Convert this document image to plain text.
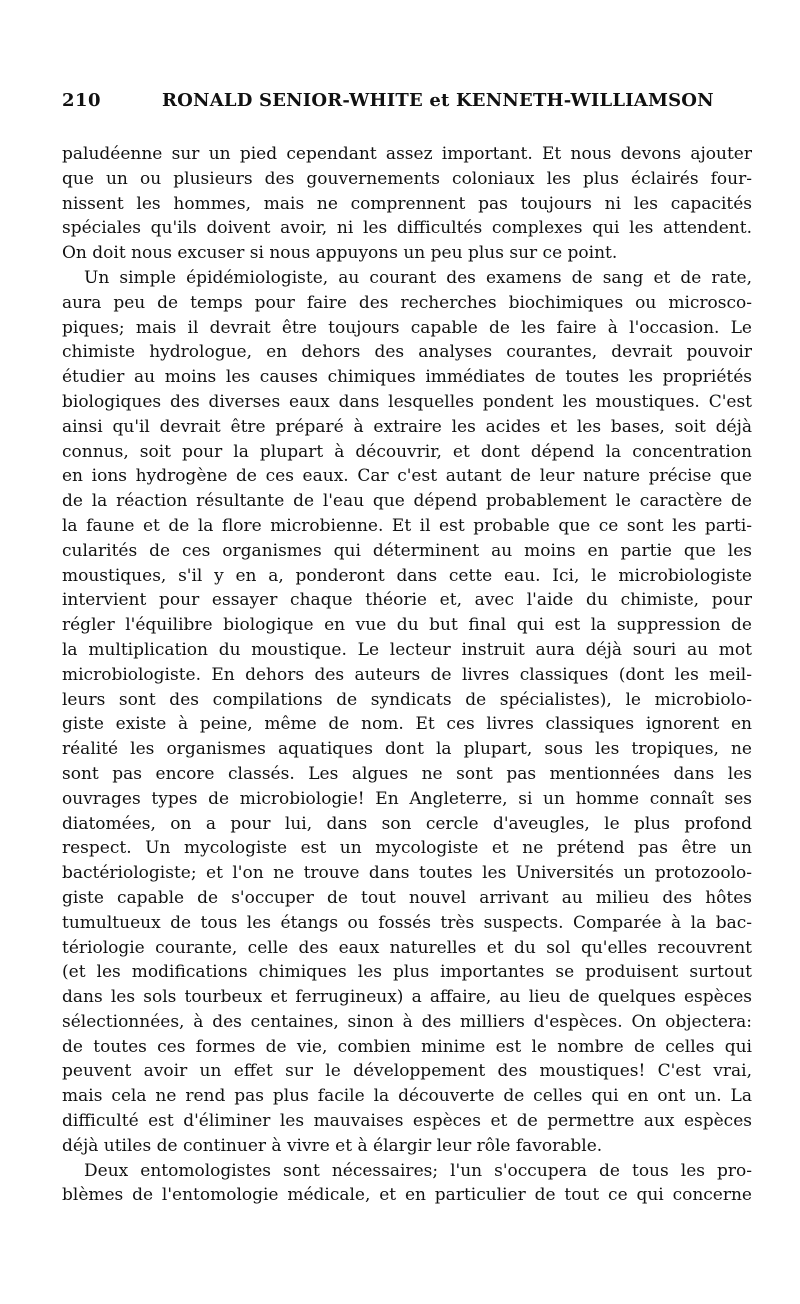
210	RONALD SENIOR-WHITE et KENNETH-WILLIAMSON
paludéenne sur un pied cependant assez important. Et nous devons ajouter
que un ou plusieurs des gouvernements coloniaux les plus éclairés four-
nissent les hommes, mais ne comprennent pas toujours ni les capacités
spéciales qu'ils doivent avoir, ni les difficultés complexes qui les attendent.
On doit nous excuser si nous appuyons un peu plus sur ce point.
Un simple épidémiologiste, au courant des examens de sang et de rate,
aura peu de temps pour faire des recherches biochimiques ou microsco-
piques; mais il devrait être toujours capable de les faire à l'occasion. Le
chimiste hydrologue, en dehors des analyses courantes, devrait pouvoir
étudier au moins les causes chimiques immédiates de toutes les propriétés
biologiques des diverses eaux dans lesquelles pondent les moustiques. C'est
ainsi qu'il devrait être préparé à extraire les acides et les bases, soit déjà
connus, soit pour la plupart à découvrir, et dont dépend la concentration
en ions hydrogène de ces eaux. Car c'est autant de leur nature précise que
de la réaction résultante de l'eau que dépend probablement le caractère de
la faune et de la flore microbienne. Et il est probable que ce sont les parti-
cularités de ces organismes qui déterminent au moins en partie que les
moustiques, s'il y en a, ponderont dans cette eau. Ici, le microbiologiste
intervient pour essayer chaque théorie et, avec l'aide du chimiste, pour
régler l'équilibre biologique en vue du but final qui est la suppression de
la multiplication du moustique. Le lecteur instruit aura déjà souri au mot
microbiologiste. En dehors des auteurs de livres classiques (dont les meil-
leurs sont des compilations de syndicats de spécialistes), le microbiolo-
giste existe à peine, même de nom. Et ces livres classiques ignorent en
réalité les organismes aquatiques dont la plupart, sous les tropiques, ne
sont pas encore classés. Les algues ne sont pas mentionnées dans les
ouvrages types de microbiologie! En Angleterre, si un homme connaît ses
diatomées, on a pour lui, dans son cercle d'aveugles, le plus profond
respect. Un mycologiste est un mycologiste et ne prétend pas être un
bactériologiste; et l'on ne trouve dans toutes les Universités un protozoolo-
giste capable de s'occuper de tout nouvel arrivant au milieu des hôtes
tumultueux de tous les étangs ou fossés très suspects. Comparée à la bac-
tériologie courante, celle des eaux naturelles et du sol qu'elles recouvrent
(et les modifications chimiques les plus importantes se produisent surtout
dans les sols tourbeux et ferrugineux) a affaire, au lieu de quelques espèces
sélectionnées, à des centaines, sinon à des milliers d'espèces. On objectera:
de toutes ces formes de vie, combien minime est le nombre de celles qui
peuvent avoir un effet sur le développement des moustiques! C'est vrai,
mais cela ne rend pas plus facile la découverte de celles qui en ont un. La
difficulté est d'éliminer les mauvaises espèces et de permettre aux espèces
déjà utiles de continuer à vivre et à élargir leur rôle favorable.
Deux entomologistes sont nécessaires; l'un s'occupera de tous les pro-
blèmes de l'entomologie médicale, et en particulier de tout ce qui concerne
